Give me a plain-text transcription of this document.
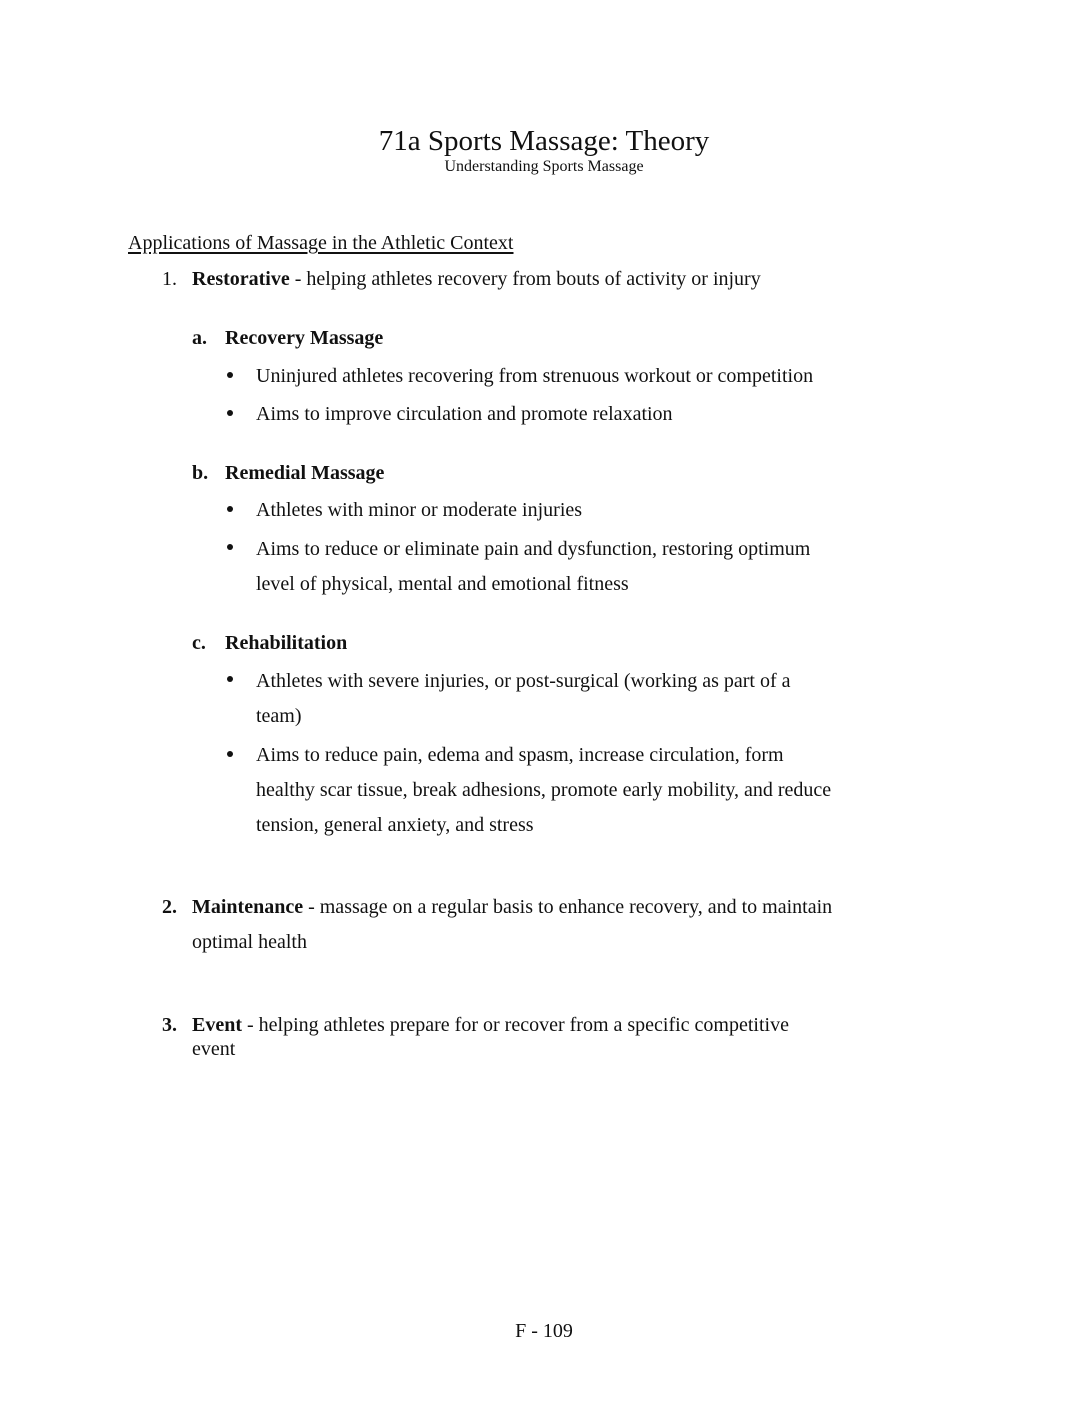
71a Sports Massage: Theory
Understanding Sports Massage
Applications of Massage in the Athletic Context
1. Restorative - helping athletes recovery from bouts of activity or injury
a. Recovery Massage
Uninjured athletes recovering from strenuous workout or competition
Aims to improve circulation and promote relaxation
b. Remedial Massage
Athletes with minor or moderate injuries
Aims to reduce or eliminate pain and dysfunction, restoring optimum
level of physical, mental and emotional fitness
c. Rehabilitation
Athletes with severe injuries, or post-surgical (working as part of a
team)
Aims to reduce pain, edema and spasm, increase circulation, form
healthy scar tissue, break adhesions, promote early mobility, and reduce
tension, general anxiety, and stress
2. Maintenance - massage on a regular basis to enhance recovery, and to maintain
optimal health
3. Event - helping athletes prepare for or recover from a specific competitive
event
F - 109
